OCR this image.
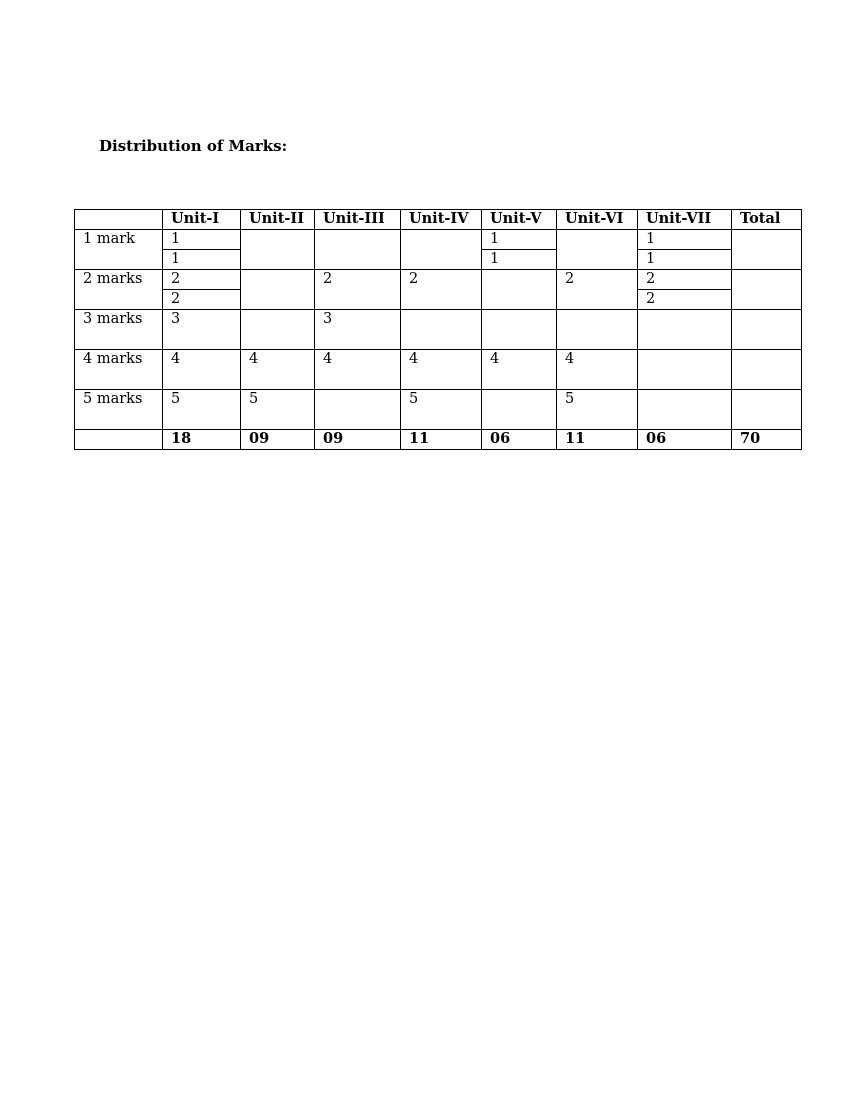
Distribution of Marks:
	Unit-I	Unit-II	Unit-III	Unit-IV	Unit-V	Unit-VI	Unit-VII	Total
1 mark	1				1		1	
	1				1		1	
2 marks	2		2	2		2	2	
	2						2	
3 marks	3		3					
4 marks	4	4	4	4	4	4		
5 marks	5	5		5		5		
	18	09	09	11	06	11	06	70
